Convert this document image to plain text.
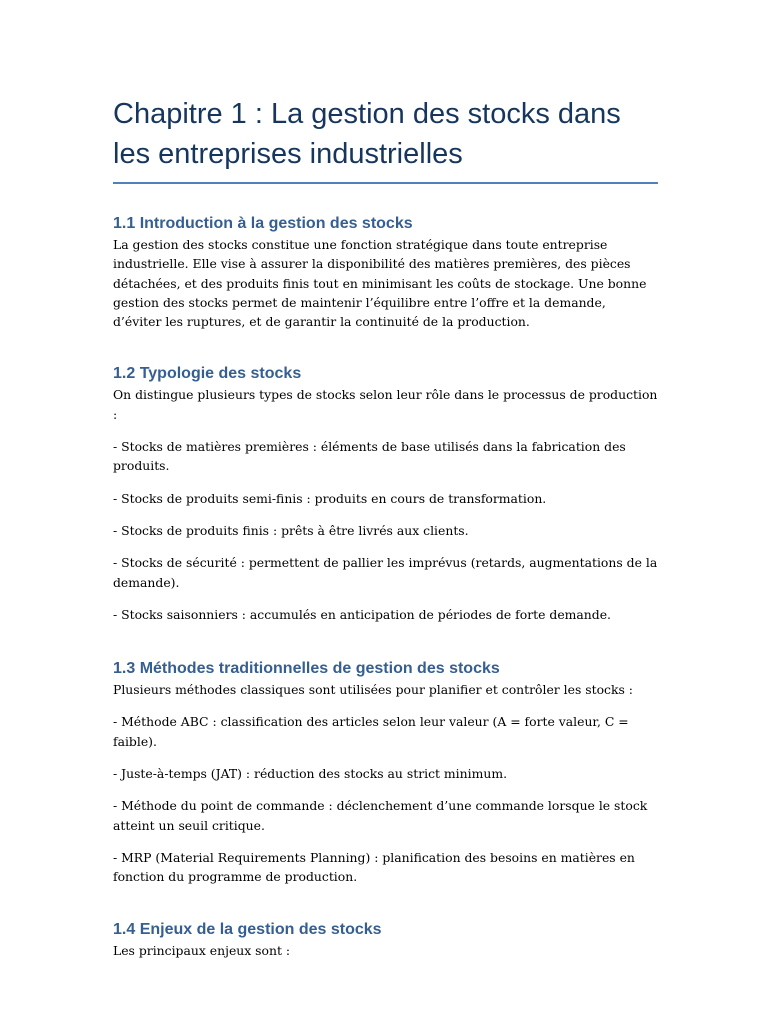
Chapitre 1 : La gestion des stocks dans les entreprises industrielles
1.1 Introduction à la gestion des stocks

La gestion des stocks constitue une fonction stratégique dans toute entreprise industrielle. Elle vise à assurer la disponibilité des matières premières, des pièces détachées, et des produits finis tout en minimisant les coûts de stockage. Une bonne gestion des stocks permet de maintenir l’équilibre entre l’offre et la demande, d’éviter les ruptures, et de garantir la continuité de la production.

1.2 Typologie des stocks

On distingue plusieurs types de stocks selon leur rôle dans le processus de production :

- Stocks de matières premières : éléments de base utilisés dans la fabrication des produits.

- Stocks de produits semi-finis : produits en cours de transformation.

- Stocks de produits finis : prêts à être livrés aux clients.

- Stocks de sécurité : permettent de pallier les imprévus (retards, augmentations de la demande).

- Stocks saisonniers : accumulés en anticipation de périodes de forte demande.

1.3 Méthodes traditionnelles de gestion des stocks

Plusieurs méthodes classiques sont utilisées pour planifier et contrôler les stocks :

- Méthode ABC : classification des articles selon leur valeur (A = forte valeur, C = faible).

- Juste-à-temps (JAT) : réduction des stocks au strict minimum.

- Méthode du point de commande : déclenchement d’une commande lorsque le stock atteint un seuil critique.

- MRP (Material Requirements Planning) : planification des besoins en matières en fonction du programme de production.

1.4 Enjeux de la gestion des stocks

Les principaux enjeux sont :
